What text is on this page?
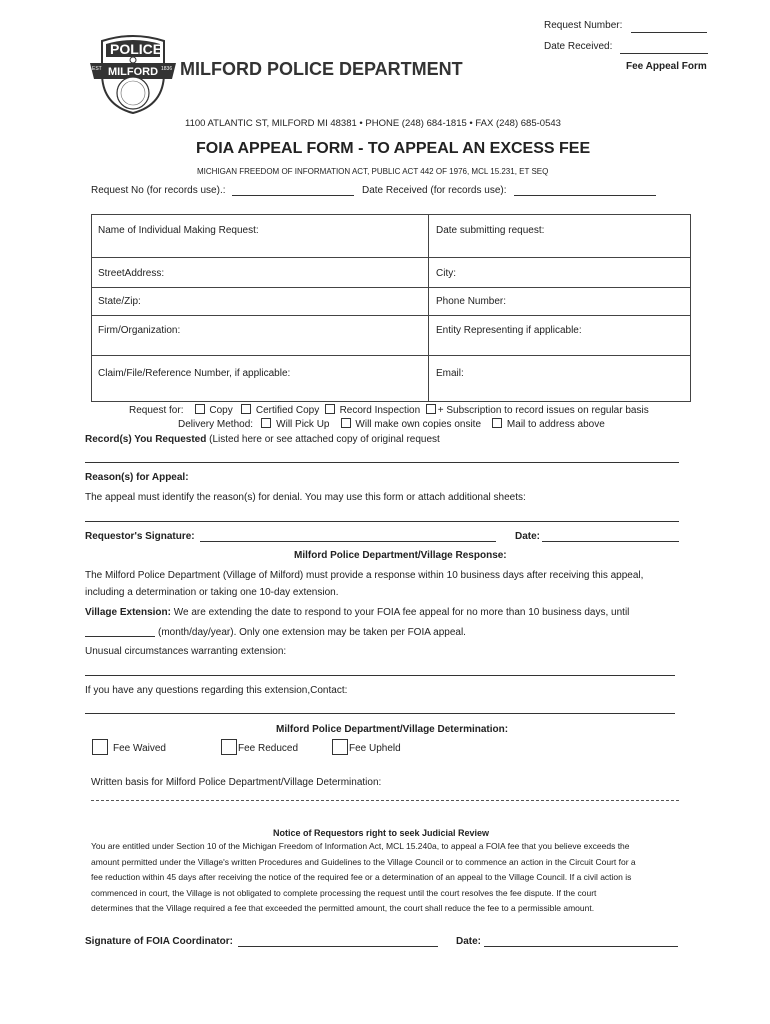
Request Number:
Date Received:
Fee Appeal Form
POLICE
MILFORD
EST	1836 MILFORD POLICE DEPARTMENT
1100 ATLANTIC ST, MILFORD MI 48381 • PHONE (248) 684-1815 • FAX (248) 685-0543
FOIA APPEAL FORM - TO APPEAL AN EXCESS FEE
MICHIGAN FREEDOM OF INFORMATION ACT, PUBLIC ACT 442 OF 1976, MCL 15.231, ET SEQ
Request No (for records use).:	Date Received (for records use):
Name of Individual Making Request:	Date submitting request:
StreetAddress:	City:
State/Zip:	Phone Number:
Firm/Organization:	Entity Representing if applicable:
Claim/File/Reference Number, if applicable:	Email:
Request for:	Copy Certified Copy Record Inspection + Subscription to record issues on regular basis
Delivery Method: Will Pick Up	Will make own copies onsite	Mail to address above
Record(s) You Requested (Listed here or see attached copy of original request
Reason(s) for Appeal:
The appeal must identify the reason(s) for denial. You may use this form or attach additional sheets:
Requestor's Signature:	Date:
Milford Police Department/Village Response:
The Milford Police Department (Village of Milford) must provide a response within 10 business days after receiving this appeal,
including a determination or taking one 10-day extension.
Village Extension: We are extending the date to respond to your FOIA fee appeal for no more than 10 business days, until
(month/day/year). Only one extension may be taken per FOIA appeal.
Unusual circumstances warranting extension:
If you have any questions regarding this extension,Contact:
Milford Police Department/Village Determination:
Fee Waived	Fee Reduced	Fee Upheld
Written basis for Milford Police Department/Village Determination:
Notice of Requestors right to seek Judicial Review
You are entitled under Section 10 of the Michigan Freedom of Information Act, MCL 15.240a, to appeal a FOIA fee that you believe exceeds the
amount permitted under the Village's written Procedures and Guidelines to the Village Council or to commence an action in the Circuit Court for a
fee reduction within 45 days after receiving the notice of the required fee or a determination of an appeal to the Village Council. If a civil action is
commenced in court, the Village is not obligated to complete processing the request until the court resolves the fee dispute. If the court
determines that the Village required a fee that exceeded the permitted amount, the court shall reduce the fee to a permissible amount.
Signature of FOIA Coordinator:	Date:
